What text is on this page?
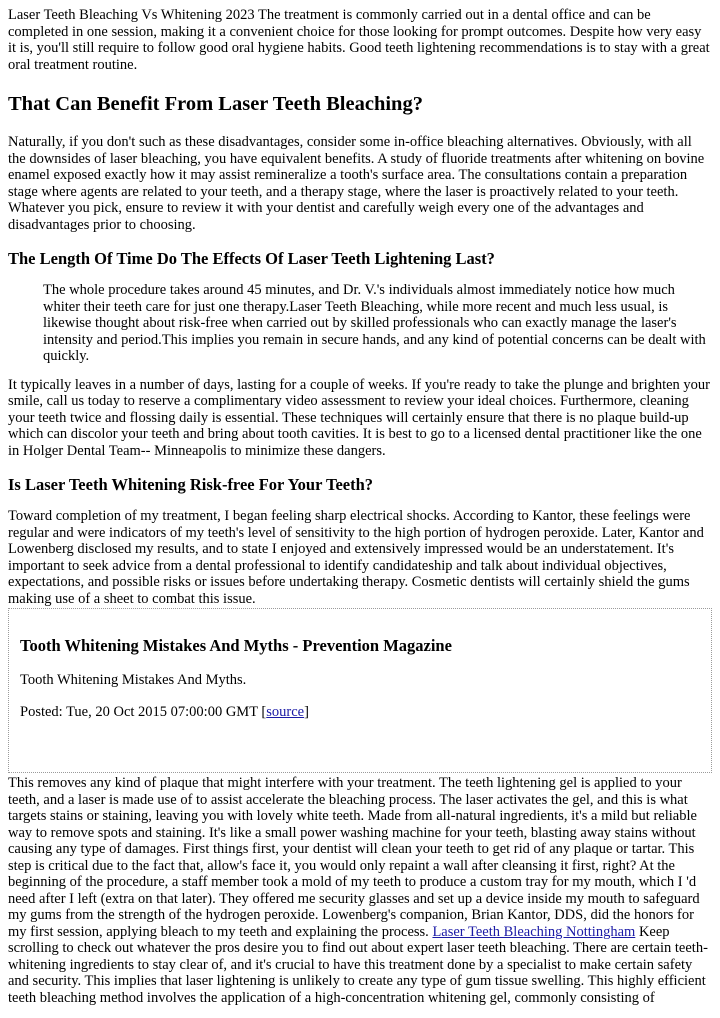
Laser Teeth Bleaching Vs Whitening 2023 The treatment is commonly carried out in a dental office and can be completed in one session, making it a convenient choice for those looking for prompt outcomes. Despite how very easy it is, you'll still require to follow good oral hygiene habits. Good teeth lightening recommendations is to stay with a great oral treatment routine.

That Can Benefit From Laser Teeth Bleaching?

Naturally, if you don't such as these disadvantages, consider some in-office bleaching alternatives. Obviously, with all the downsides of laser bleaching, you have equivalent benefits. A study of fluoride treatments after whitening on bovine enamel exposed exactly how it may assist remineralize a tooth's surface area. The consultations contain a preparation stage where agents are related to your teeth, and a therapy stage, where the laser is proactively related to your teeth. Whatever you pick, ensure to review it with your dentist and carefully weigh every one of the advantages and disadvantages prior to choosing.

The Length Of Time Do The Effects Of Laser Teeth Lightening Last?
The whole procedure takes around 45 minutes, and Dr. V.'s individuals almost immediately notice how much whiter their teeth care for just one therapy.Laser Teeth Bleaching, while more recent and much less usual, is likewise thought about risk-free when carried out by skilled professionals who can exactly manage the laser's intensity and period.This implies you remain in secure hands, and any kind of potential concerns can be dealt with quickly.

It typically leaves in a number of days, lasting for a couple of weeks. If you're ready to take the plunge and brighten your smile, call us today to reserve a complimentary video assessment to review your ideal choices. Furthermore, cleaning your teeth twice and flossing daily is essential. These techniques will certainly ensure that there is no plaque build-up which can discolor your teeth and bring about tooth cavities. It is best to go to a licensed dental practitioner like the one in Holger Dental Team-- Minneapolis to minimize these dangers.

Is Laser Teeth Whitening Risk-free For Your Teeth?

Toward completion of my treatment, I began feeling sharp electrical shocks. According to Kantor, these feelings were regular and were indicators of my teeth's level of sensitivity to the high portion of hydrogen peroxide. Later, Kantor and Lowenberg disclosed my results, and to state I enjoyed and extensively impressed would be an understatement. It's important to seek advice from a dental professional to identify candidateship and talk about individual objectives, expectations, and possible risks or issues before undertaking therapy. Cosmetic dentists will certainly shield the gums making use of a sheet to combat this issue.

Tooth Whitening Mistakes And Myths - Prevention Magazine
Tooth Whitening Mistakes And Myths.
Posted: Tue, 20 Oct 2015 07:00:00 GMT [source]

This removes any kind of plaque that might interfere with your treatment. The teeth lightening gel is applied to your teeth, and a laser is made use of to assist accelerate the bleaching process. The laser activates the gel, and this is what targets stains or staining, leaving you with lovely white teeth. Made from all-natural ingredients, it's a mild but reliable way to remove spots and staining. It's like a small power washing machine for your teeth, blasting away stains without causing any type of damages. First things first, your dentist will clean your teeth to get rid of any plaque or tartar. This step is critical due to the fact that, allow's face it, you would only repaint a wall after cleansing it first, right? At the beginning of the procedure, a staff member took a mold of my teeth to produce a custom tray for my mouth, which I 'd need after I left (extra on that later). They offered me security glasses and set up a device inside my mouth to safeguard my gums from the strength of the hydrogen peroxide. Lowenberg's companion, Brian Kantor, DDS, did the honors for my first session, applying bleach to my teeth and explaining the process. Laser Teeth Bleaching Nottingham Keep scrolling to check out whatever the pros desire you to find out about expert laser teeth bleaching. There are certain teeth-whitening ingredients to stay clear of, and it's crucial to have this treatment done by a specialist to make certain safety and security. This implies that laser lightening is unlikely to create any type of gum tissue swelling. This highly efficient teeth bleaching method involves the application of a high-concentration whitening gel, commonly consisting of
